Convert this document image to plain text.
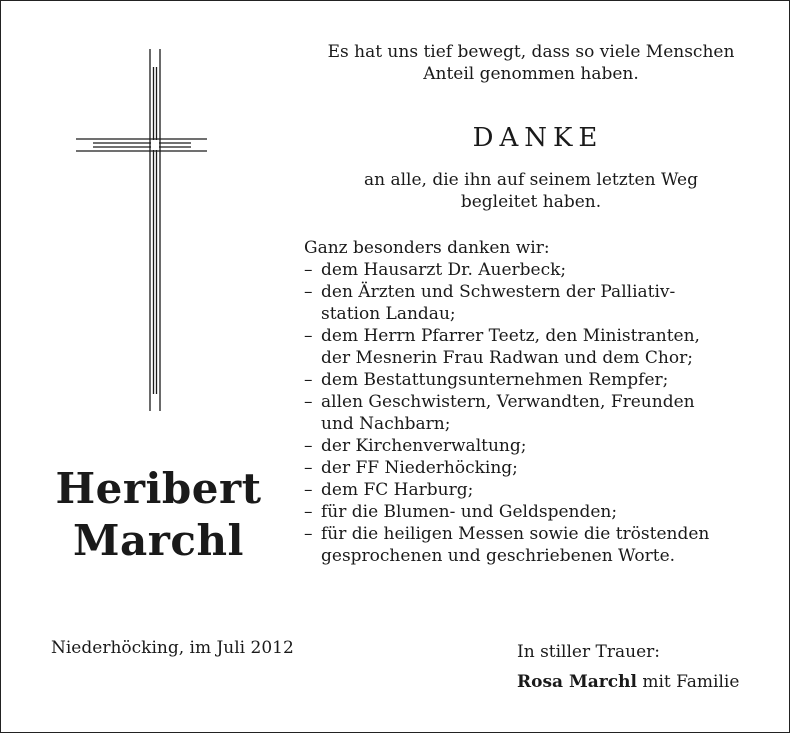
Heribert
Marchl
Es hat uns tief bewegt, dass so viele Menschen
Anteil genommen haben.
DANKE
an alle, die ihn auf seinem letzten Weg
begleitet haben.
Ganz besonders danken wir:
– dem Hausarzt Dr. Auerbeck;
– den Ärzten und Schwestern der Palliativ-
station Landau;
– dem Herrn Pfarrer Teetz, den Ministranten,
der Mesnerin Frau Radwan und dem Chor;
– dem Bestattungsunternehmen Rempfer;
– allen Geschwistern, Verwandten, Freunden
und Nachbarn;
– der Kirchenverwaltung;
– der FF Niederhöcking;
– dem FC Harburg;
– für die Blumen- und Geldspenden;
– für die heiligen Messen sowie die tröstenden
gesprochenen und geschriebenen Worte.
Niederhöcking, im Juli 2012	In stiller Trauer:
Rosa Marchl mit Familie
